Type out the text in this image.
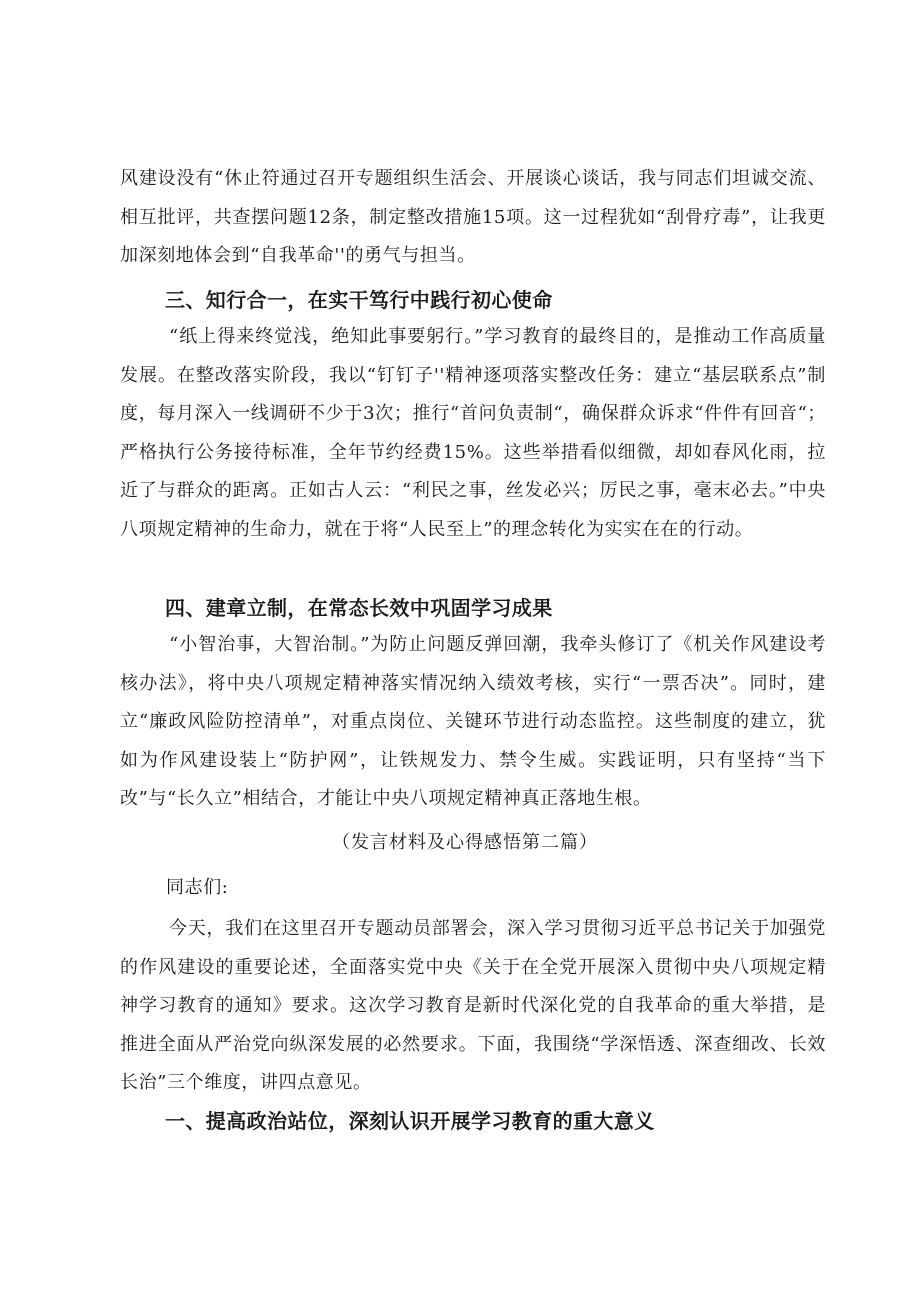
风建设没有“休止符通过召开专题组织生活会、开展谈心谈话，我与同志们坦诚交流、相互批评，共查摆问题12条，制定整改措施15项。这一过程犹如“刮骨疗毒”，让我更加深刻地体会到“自我革命''的勇气与担当。

三、知行合一，在实干笃行中践行初心使命

“纸上得来终觉浅，绝知此事要躬行。”学习教育的最终目的，是推动工作高质量发展。在整改落实阶段，我以“钉钉子''精神逐项落实整改任务：建立“基层联系点”制度，每月深入一线调研不少于3次；推行“首问负责制“，确保群众诉求“件件有回音“；严格执行公务接待标准，全年节约经费15%。这些举措看似细微，却如春风化雨，拉近了与群众的距离。正如古人云：“利民之事，丝发必兴；厉民之事，毫末必去。”中央八项规定精神的生命力，就在于将“人民至上”的理念转化为实实在在的行动。

四、建章立制，在常态长效中巩固学习成果

“小智治事，大智治制。”为防止问题反弹回潮，我牵头修订了《机关作风建设考核办法》，将中央八项规定精神落实情况纳入绩效考核，实行“一票否决”。同时，建立“廉政风险防控清单”，对重点岗位、关键环节进行动态监控。这些制度的建立，犹如为作风建设装上“防护网”，让铁规发力、禁令生威。实践证明，只有坚持“当下改”与“长久立”相结合，才能让中央八项规定精神真正落地生根。

（发言材料及心得感悟第二篇）

同志们:

今天，我们在这里召开专题动员部署会，深入学习贯彻习近平总书记关于加强党的作风建设的重要论述，全面落实党中央《关于在全党开展深入贯彻中央八项规定精神学习教育的通知》要求。这次学习教育是新时代深化党的自我革命的重大举措，是推进全面从严治党向纵深发展的必然要求。下面，我围绕“学深悟透、深查细改、长效长治”三个维度，讲四点意见。

一、提高政治站位，深刻认识开展学习教育的重大意义
